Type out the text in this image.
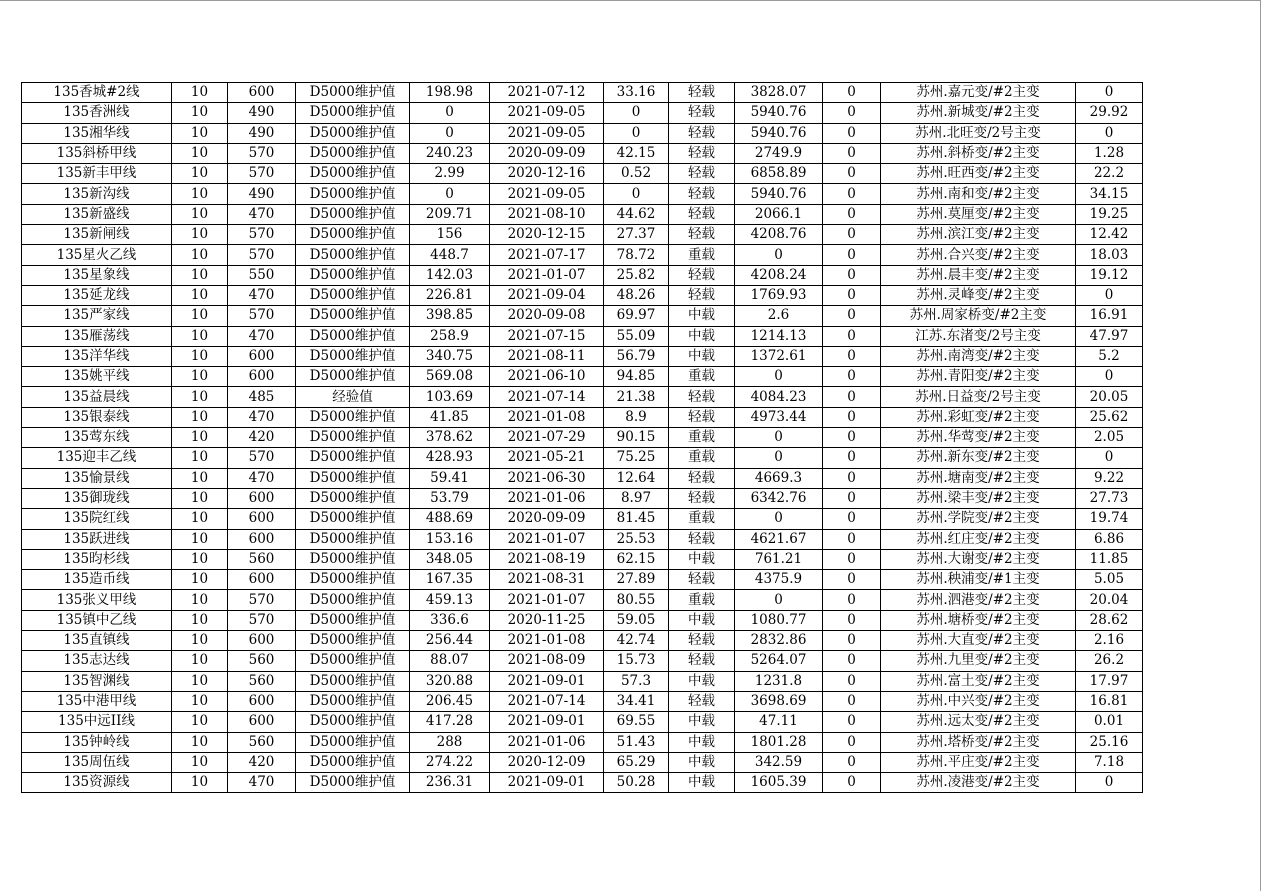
135香城#2线	10	600	D5000维护值	198.98	2021-07-12	33.16	轻载	3828.07	0	苏州.嘉元变/#2主变	0
135香洲线	10	490	D5000维护值	0	2021-09-05	0	轻载	5940.76	0	苏州.新城变/#2主变	29.92
135湘华线	10	490	D5000维护值	0	2021-09-05	0	轻载	5940.76	0	苏州.北旺变/2号主变	0
135斜桥甲线	10	570	D5000维护值	240.23	2020-09-09	42.15	轻载	2749.9	0	苏州.斜桥变/#2主变	1.28
135新丰甲线	10	570	D5000维护值	2.99	2020-12-16	0.52	轻载	6858.89	0	苏州.旺西变/#2主变	22.2
135新沟线	10	490	D5000维护值	0	2021-09-05	0	轻载	5940.76	0	苏州.南和变/#2主变	34.15
135新盛线	10	470	D5000维护值	209.71	2021-08-10	44.62	轻载	2066.1	0	苏州.莫厘变/#2主变	19.25
135新闸线	10	570	D5000维护值	156	2020-12-15	27.37	轻载	4208.76	0	苏州.滨江变/#2主变	12.42
135星火乙线	10	570	D5000维护值	448.7	2021-07-17	78.72	重载	0	0	苏州.合兴变/#2主变	18.03
135星象线	10	550	D5000维护值	142.03	2021-01-07	25.82	轻载	4208.24	0	苏州.晨丰变/#2主变	19.12
135延龙线	10	470	D5000维护值	226.81	2021-09-04	48.26	轻载	1769.93	0	苏州.灵峰变/#2主变	0
135严家线	10	570	D5000维护值	398.85	2020-09-08	69.97	中载	2.6	0	苏州.周家桥变/#2主变	16.91
135雁荡线	10	470	D5000维护值	258.9	2021-07-15	55.09	中载	1214.13	0	江苏.东渚变/2号主变	47.97
135洋华线	10	600	D5000维护值	340.75	2021-08-11	56.79	中载	1372.61	0	苏州.南湾变/#2主变	5.2
135姚平线	10	600	D5000维护值	569.08	2021-06-10	94.85	重载	0	0	苏州.青阳变/#2主变	0
135益晨线	10	485	经验值	103.69	2021-07-14	21.38	轻载	4084.23	0	苏州.日益变/2号主变	20.05
135银泰线	10	470	D5000维护值	41.85	2021-01-08	8.9	轻载	4973.44	0	苏州.彩虹变/#2主变	25.62
135莺东线	10	420	D5000维护值	378.62	2021-07-29	90.15	重载	0	0	苏州.华莺变/#2主变	2.05
135迎丰乙线	10	570	D5000维护值	428.93	2021-05-21	75.25	重载	0	0	苏州.新东变/#2主变	0
135愉景线	10	470	D5000维护值	59.41	2021-06-30	12.64	轻载	4669.3	0	苏州.塘南变/#2主变	9.22
135御珑线	10	600	D5000维护值	53.79	2021-01-06	8.97	轻载	6342.76	0	苏州.梁丰变/#2主变	27.73
135院红线	10	600	D5000维护值	488.69	2020-09-09	81.45	重载	0	0	苏州.学院变/#2主变	19.74
135跃进线	10	600	D5000维护值	153.16	2021-01-07	25.53	轻载	4621.67	0	苏州.红庄变/#2主变	6.86
135昀杉线	10	560	D5000维护值	348.05	2021-08-19	62.15	中载	761.21	0	苏州.大谢变/#2主变	11.85
135造币线	10	600	D5000维护值	167.35	2021-08-31	27.89	轻载	4375.9	0	苏州.秧浦变/#1主变	5.05
135张义甲线	10	570	D5000维护值	459.13	2021-01-07	80.55	重载	0	0	苏州.泗港变/#2主变	20.04
135镇中乙线	10	570	D5000维护值	336.6	2020-11-25	59.05	中载	1080.77	0	苏州.塘桥变/#2主变	28.62
135直镇线	10	600	D5000维护值	256.44	2021-01-08	42.74	轻载	2832.86	0	苏州.大直变/#2主变	2.16
135志达线	10	560	D5000维护值	88.07	2021-08-09	15.73	轻载	5264.07	0	苏州.九里变/#2主变	26.2
135智渊线	10	560	D5000维护值	320.88	2021-09-01	57.3	中载	1231.8	0	苏州.富土变/#2主变	17.97
135中港甲线	10	600	D5000维护值	206.45	2021-07-14	34.41	轻载	3698.69	0	苏州.中兴变/#2主变	16.81
135中远II线	10	600	D5000维护值	417.28	2021-09-01	69.55	中载	47.11	0	苏州.远太变/#2主变	0.01
135钟岭线	10	560	D5000维护值	288	2021-01-06	51.43	中载	1801.28	0	苏州.塔桥变/#2主变	25.16
135周伍线	10	420	D5000维护值	274.22	2020-12-09	65.29	中载	342.59	0	苏州.平庄变/#2主变	7.18
135资源线	10	470	D5000维护值	236.31	2021-09-01	50.28	中载	1605.39	0	苏州.凌港变/#2主变	0
